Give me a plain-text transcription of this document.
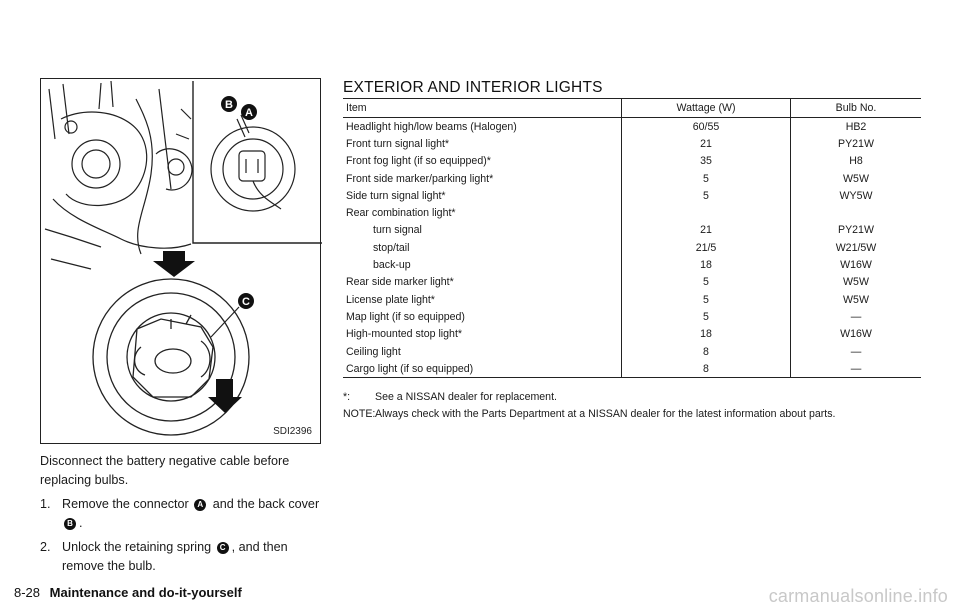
B
A
C
SDI2396

Disconnect the battery negative cable before replacing bulbs.

1. Remove the connector A and the back cover B .
2. Unlock the retaining spring C , and then remove the bulb.
EXTERIOR AND INTERIOR LIGHTS
Item	Wattage (W)	Bulb No.
Headlight high/low beams (Halogen)	60/55	HB2
Front turn signal light*	21	PY21W
Front fog light (if so equipped)*	35	H8
Front side marker/parking light*	5	W5W
Side turn signal light*	5	WY5W
Rear combination light*		
turn signal	21	PY21W
stop/tail	21/5	W21/5W
back-up	18	W16W
Rear side marker light*	5	W5W
License plate light*	5	W5W
Map light (if so equipped)	5	—
High-mounted stop light*	18	W16W
Ceiling light	8	—
Cargo light (if so equipped)	8	—
*:	See a NISSAN dealer for replacement.
NOTE: Always check with the Parts Department at a NISSAN dealer for the latest information about parts.
8-28 Maintenance and do-it-yourself	carmanualsonline.info
